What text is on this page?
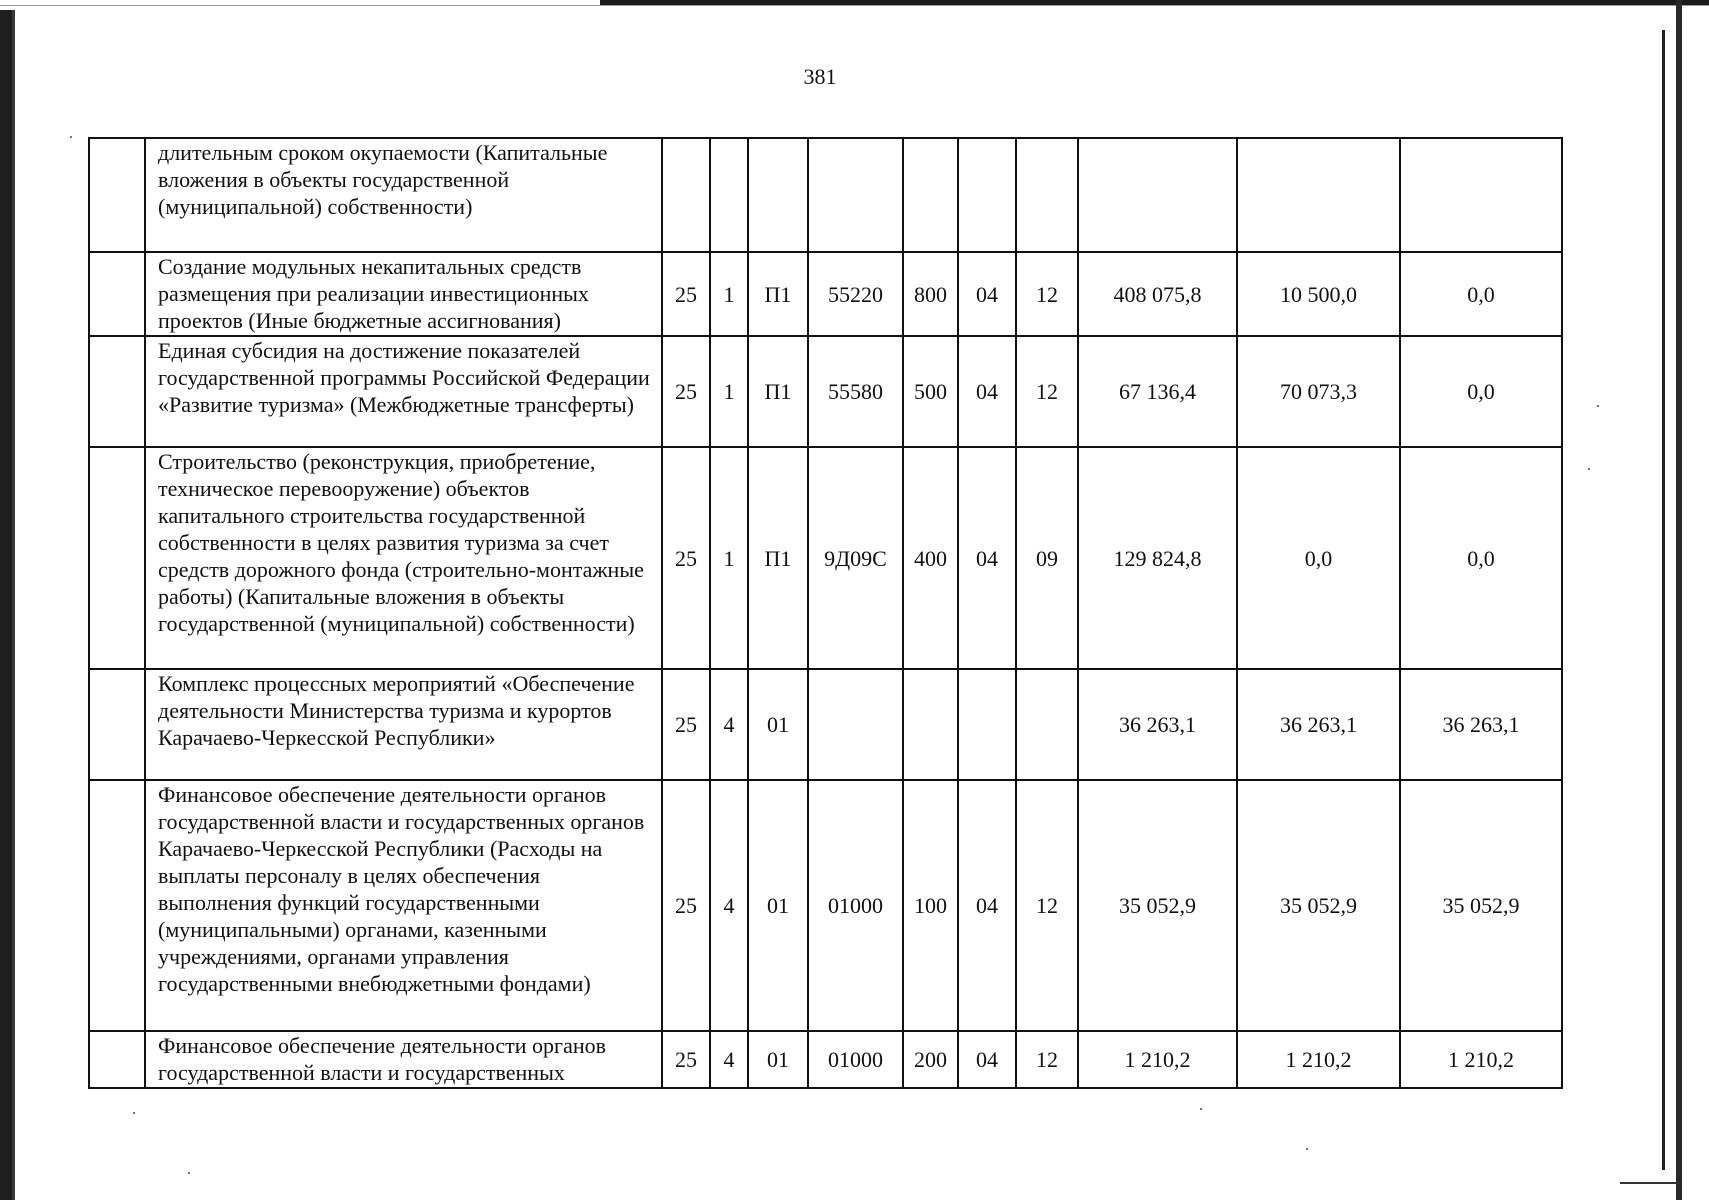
381
	длительным сроком окупаемости (Капитальные вложения в объекты государственной (муниципальной) собственности)										
	Создание модульных некапитальных средств размещения при реализации инвестиционных проектов (Иные бюджетные ассигнования)	25	1	П1	55220	800	04	12	408 075,8	10 500,0	0,0
	Единая субсидия на достижение показателей государственной программы Российской Федерации «Развитие туризма» (Межбюджетные трансферты)	25	1	П1	55580	500	04	12	67 136,4	70 073,3	0,0
	Строительство (реконструкция, приобретение, техническое перевооружение) объектов капитального строительства государственной собственности в целях развития туризма за счет средств дорожного фонда (строительно-монтажные работы) (Капитальные вложения в объекты государственной (муниципальной) собственности)	25	1	П1	9Д09С	400	04	09	129 824,8	0,0	0,0
	Комплекс процессных мероприятий «Обеспечение деятельности Министерства туризма и курортов Карачаево-Черкесской Республики»	25	4	01					36 263,1	36 263,1	36 263,1
	Финансовое обеспечение деятельности органов государственной власти и государственных органов Карачаево-Черкесской Республики (Расходы на выплаты персоналу в целях обеспечения выполнения функций государственными (муниципальными) органами, казенными учреждениями, органами управления государственными внебюджетными фондами)	25	4	01	01000	100	04	12	35 052,9	35 052,9	35 052,9
	Финансовое обеспечение деятельности органов государственной власти и государственных	25	4	01	01000	200	04	12	1 210,2	1 210,2	1 210,2
